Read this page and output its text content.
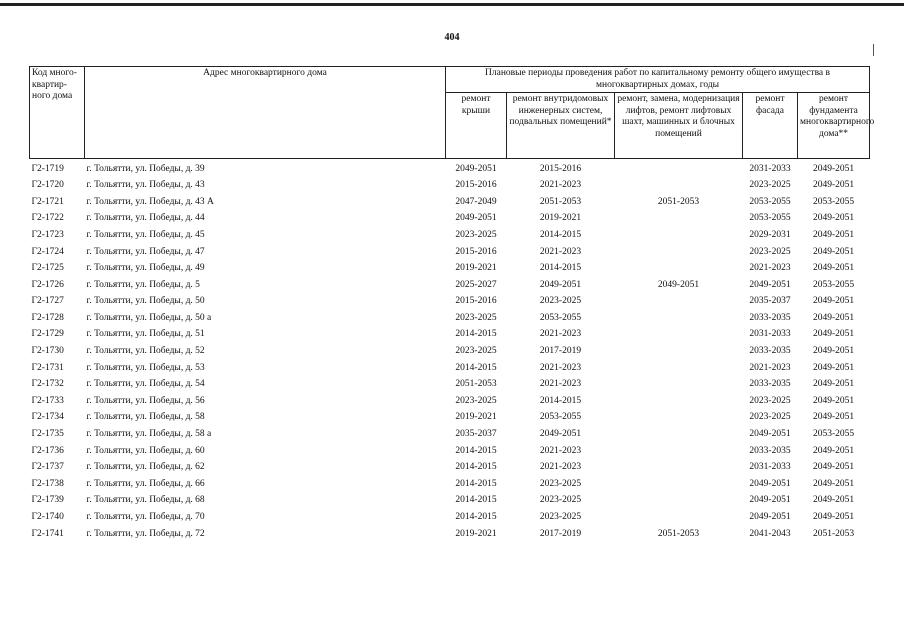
404
Код много-квартир-ного дома	Адрес многоквартирного дома	Плановые периоды проведения работ по капитальному ремонту общего имущества в многоквартирных домах, годы				
		ремонт крыши	ремонт внутридомовых инженерных систем, подвальных помещений*	ремонт, замена, модернизация лифтов, ремонт лифтовых шахт, машинных и блочных помещений	ремонт фасада	ремонт фундамента многоквартирного дома**
Г2-1719	г. Тольятти, ул. Победы, д. 39	2049-2051	2015-2016		2031-2033	2049-2051
Г2-1720	г. Тольятти, ул. Победы, д. 43	2015-2016	2021-2023		2023-2025	2049-2051
Г2-1721	г. Тольятти, ул. Победы, д. 43 А	2047-2049	2051-2053	2051-2053	2053-2055	2053-2055
Г2-1722	г. Тольятти, ул. Победы, д. 44	2049-2051	2019-2021		2053-2055	2049-2051
Г2-1723	г. Тольятти, ул. Победы, д. 45	2023-2025	2014-2015		2029-2031	2049-2051
Г2-1724	г. Тольятти, ул. Победы, д. 47	2015-2016	2021-2023		2023-2025	2049-2051
Г2-1725	г. Тольятти, ул. Победы, д. 49	2019-2021	2014-2015		2021-2023	2049-2051
Г2-1726	г. Тольятти, ул. Победы, д. 5	2025-2027	2049-2051	2049-2051	2049-2051	2053-2055
Г2-1727	г. Тольятти, ул. Победы, д. 50	2015-2016	2023-2025		2035-2037	2049-2051
Г2-1728	г. Тольятти, ул. Победы, д. 50 а	2023-2025	2053-2055		2033-2035	2049-2051
Г2-1729	г. Тольятти, ул. Победы, д. 51	2014-2015	2021-2023		2031-2033	2049-2051
Г2-1730	г. Тольятти, ул. Победы, д. 52	2023-2025	2017-2019		2033-2035	2049-2051
Г2-1731	г. Тольятти, ул. Победы, д. 53	2014-2015	2021-2023		2021-2023	2049-2051
Г2-1732	г. Тольятти, ул. Победы, д. 54	2051-2053	2021-2023		2033-2035	2049-2051
Г2-1733	г. Тольятти, ул. Победы, д. 56	2023-2025	2014-2015		2023-2025	2049-2051
Г2-1734	г. Тольятти, ул. Победы, д. 58	2019-2021	2053-2055		2023-2025	2049-2051
Г2-1735	г. Тольятти, ул. Победы, д. 58 а	2035-2037	2049-2051		2049-2051	2053-2055
Г2-1736	г. Тольятти, ул. Победы, д. 60	2014-2015	2021-2023		2033-2035	2049-2051
Г2-1737	г. Тольятти, ул. Победы, д. 62	2014-2015	2021-2023		2031-2033	2049-2051
Г2-1738	г. Тольятти, ул. Победы, д. 66	2014-2015	2023-2025		2049-2051	2049-2051
Г2-1739	г. Тольятти, ул. Победы, д. 68	2014-2015	2023-2025		2049-2051	2049-2051
Г2-1740	г. Тольятти, ул. Победы, д. 70	2014-2015	2023-2025		2049-2051	2049-2051
Г2-1741	г. Тольятти, ул. Победы, д. 72	2019-2021	2017-2019	2051-2053	2041-2043	2051-2053
